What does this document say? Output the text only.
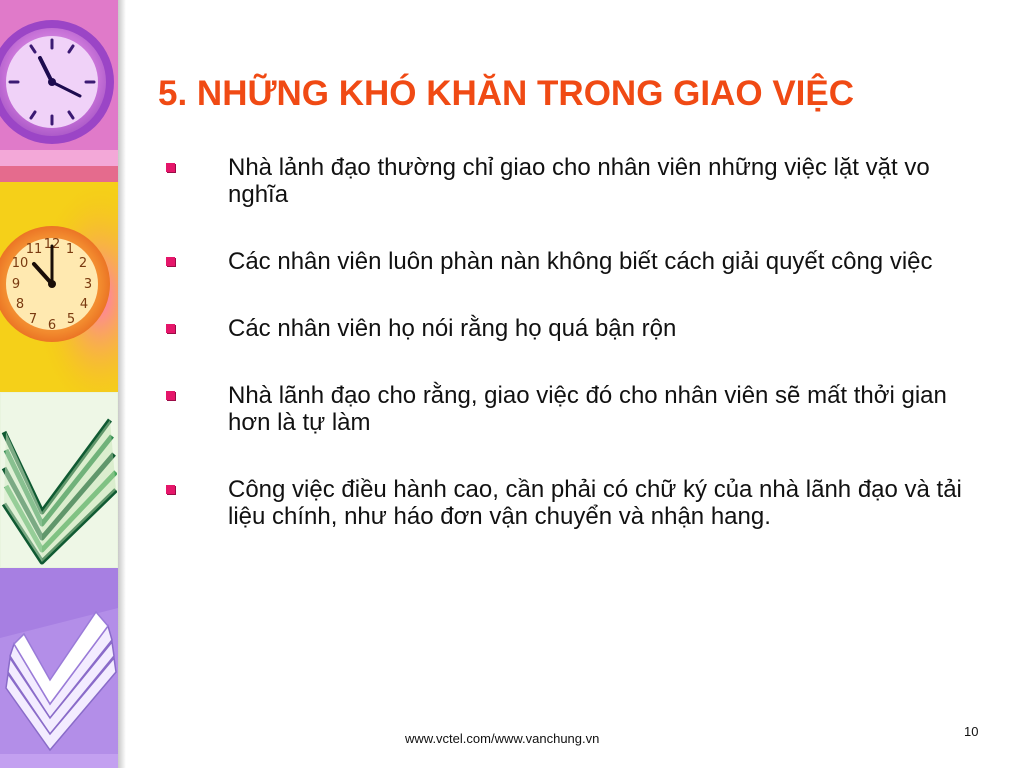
12 1
2
3
4
5
6
7
8
9
10
11
5. NHỮNG KHÓ KHĂN TRONG GIAO VIỆC
Nhà lảnh đạo thường chỉ giao cho nhân viên những việc lặt vặt vo nghĩa
Các nhân viên luôn phàn nàn không biết cách giải quyết công việc
Các nhân viên họ nói rằng họ quá bận rộn
Nhà lãnh đạo cho rằng, giao việc đó cho nhân viên sẽ mất thởi gian hơn là tự làm
Công việc điều hành cao, cần phải có chữ ký của nhà lãnh đạo và tải liệu chính, như háo đơn vận chuyển và nhận hang.
www.vctel.com/www.vanchung.vn	10
